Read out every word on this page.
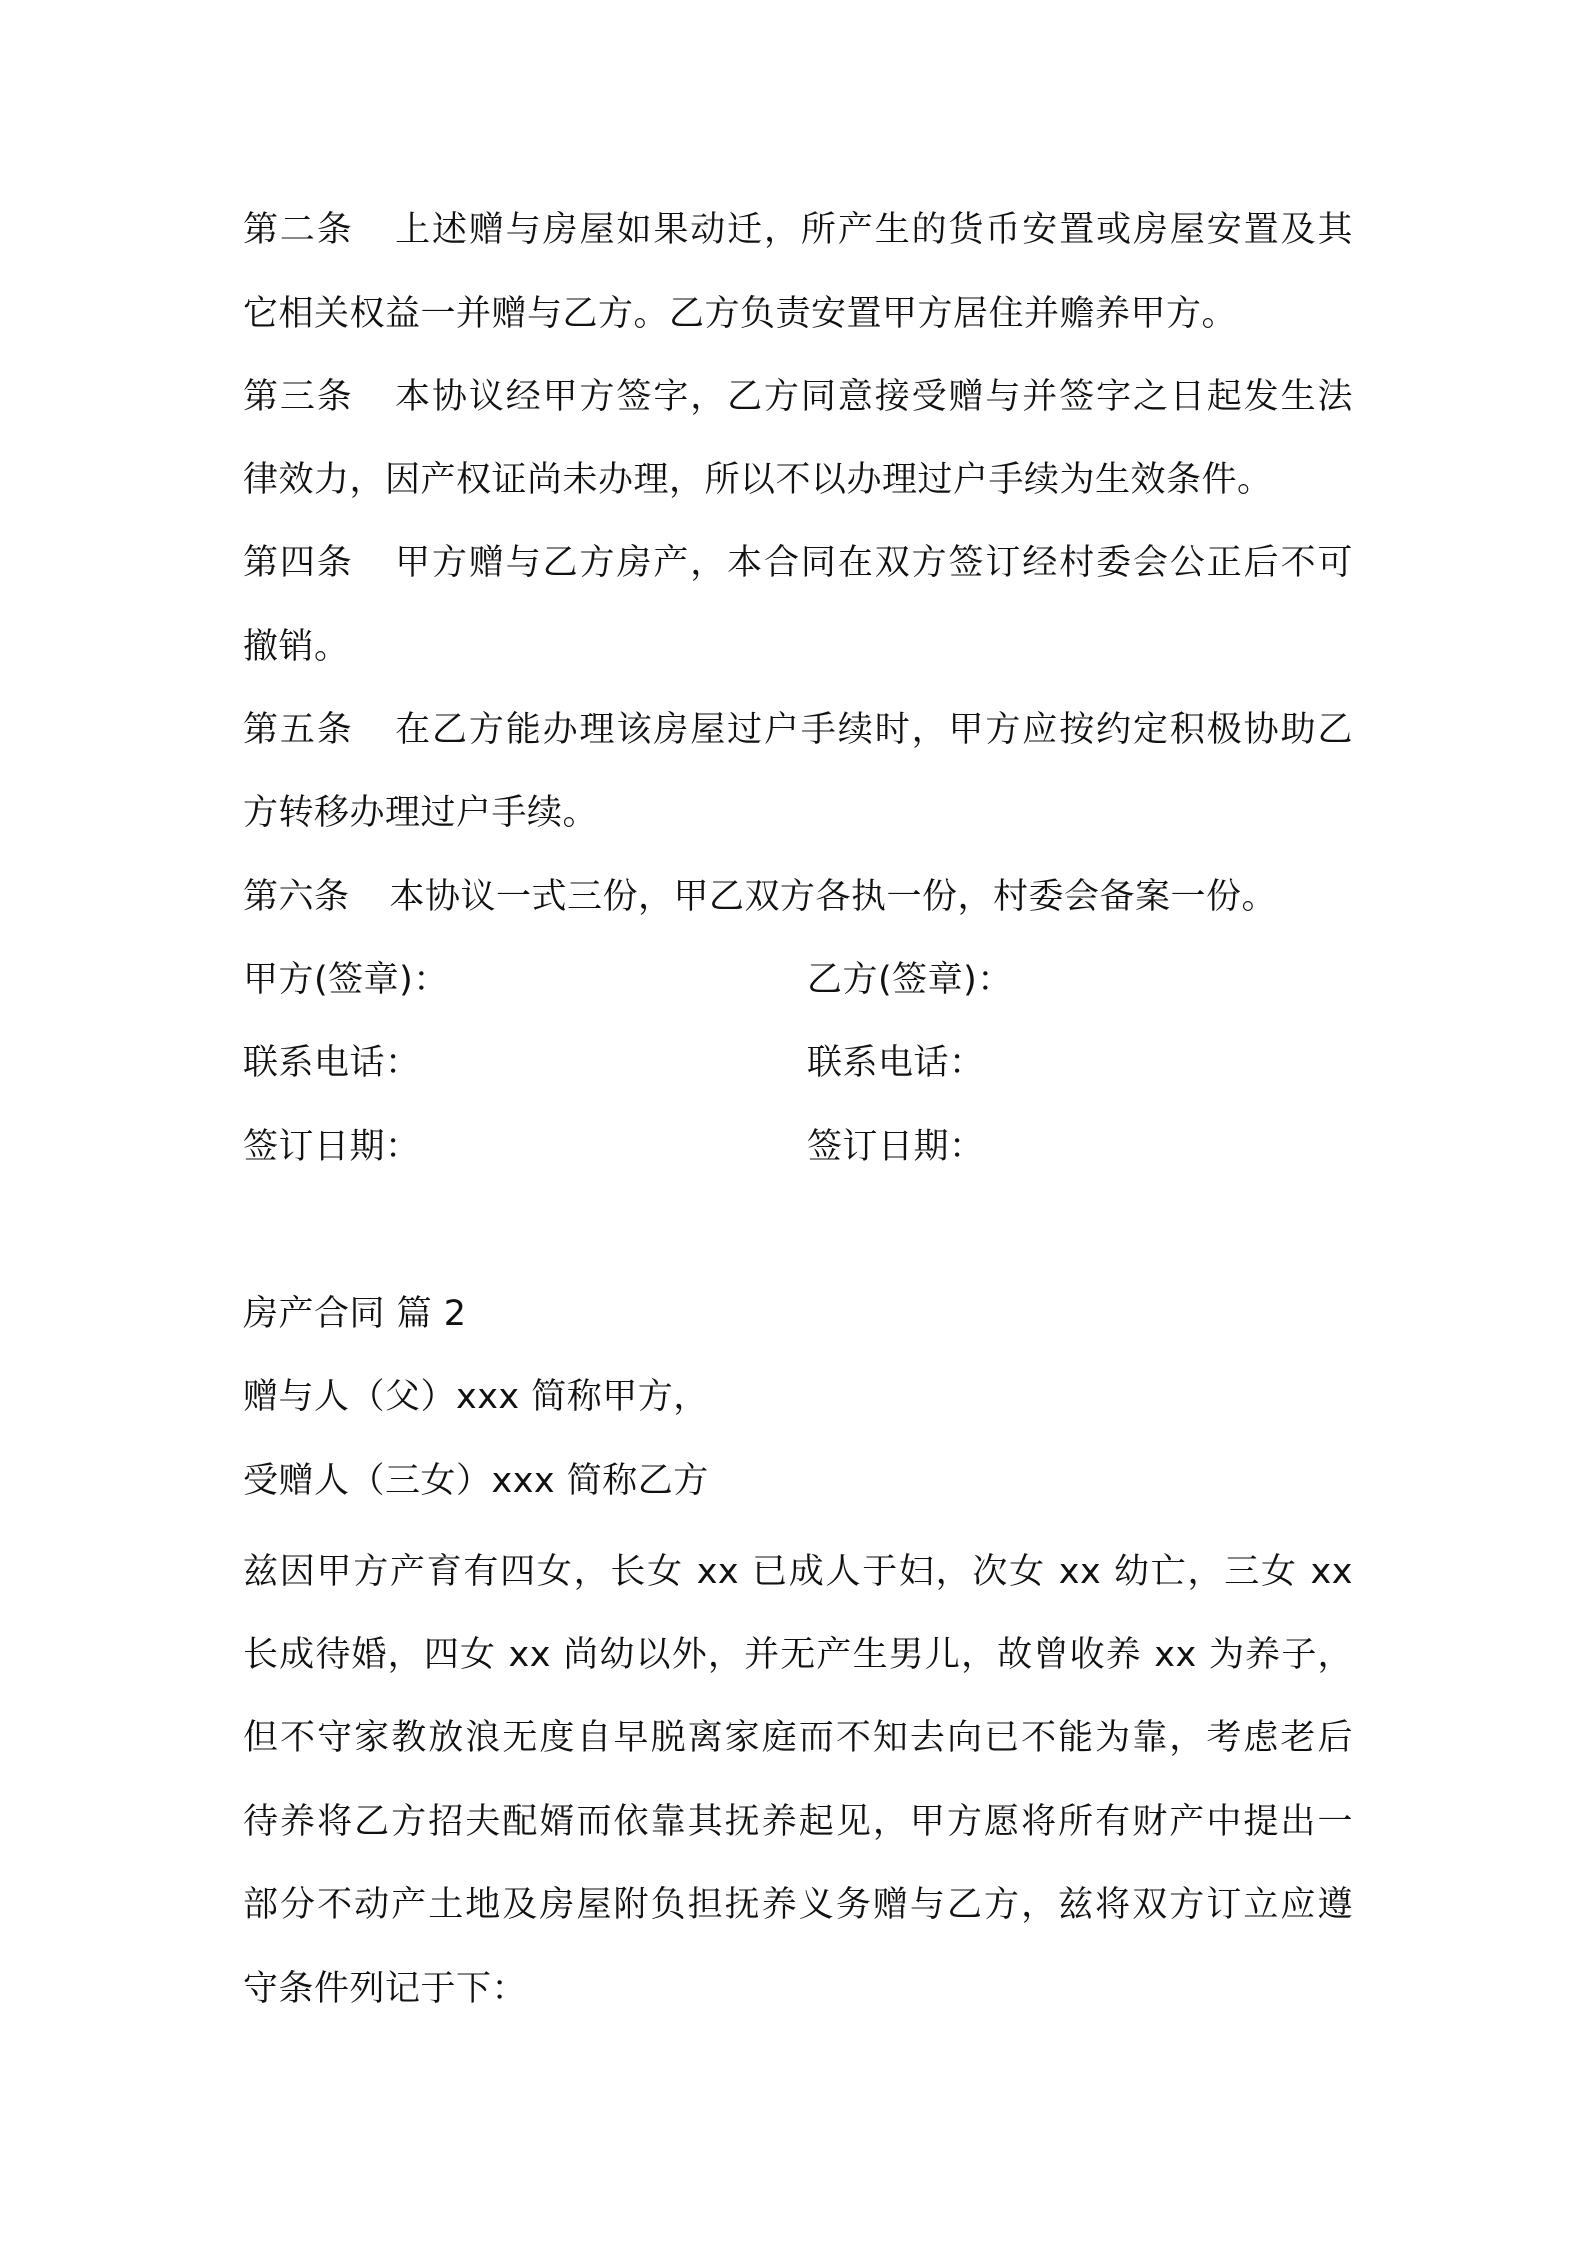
第二条 上述赠与房屋如果动迁，所产生的货币安置或房屋安置及其
它相关权益一并赠与乙方。乙方负责安置甲方居住并赡养甲方。
第三条 本协议经甲方签字，乙方同意接受赠与并签字之日起发生法
律效力，因产权证尚未办理，所以不以办理过户手续为生效条件。
第四条 甲方赠与乙方房产，本合同在双方签订经村委会公正后不可
撤销。
第五条 在乙方能办理该房屋过户手续时，甲方应按约定积极协助乙
方转移办理过户手续。
第六条 本协议一式三份，甲乙双方各执一份，村委会备案一份。
甲方(签章)：	乙方(签章)：
联系电话：	联系电话：
签订日期：	签订日期：
房产合同 篇 2
赠与人（父）xxx 简称甲方，
受赠人（三女）xxx 简称乙方
兹因甲方产育有四女，长女 xx 已成人于妇，次女 xx 幼亡，三女 xx
长成待婚，四女 xx 尚幼以外，并无产生男儿，故曾收养 xx 为养子，
但不守家教放浪无度自早脱离家庭而不知去向已不能为靠，考虑老后
待养将乙方招夫配婿而依靠其抚养起见，甲方愿将所有财产中提出一
部分不动产土地及房屋附负担抚养义务赠与乙方，兹将双方订立应遵
守条件列记于下：
